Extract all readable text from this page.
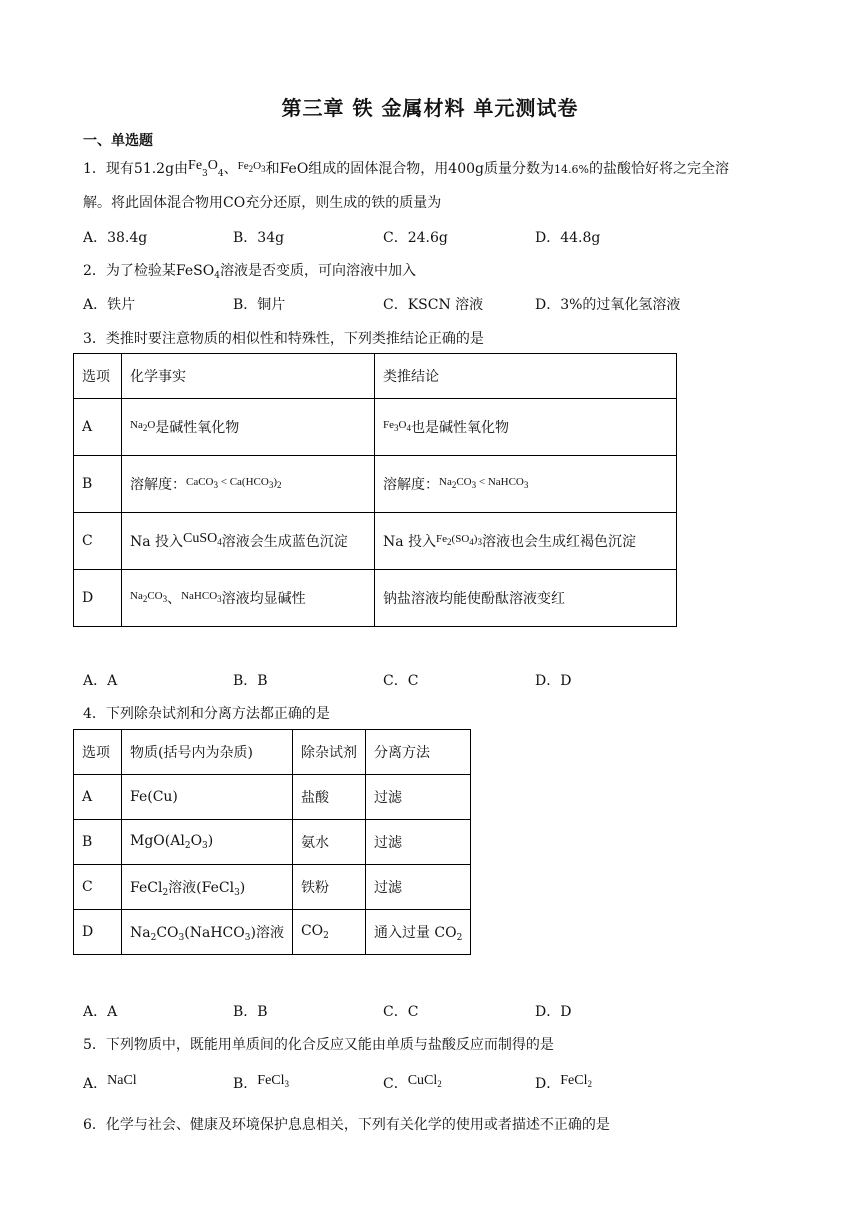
第三章 铁 金属材料 单元测试卷
一、单选题
1．现有51.2g由$Fe_3O_4$、$^{Fe_2O_3}$和FeO组成的固体混合物，用400g质量分数为14.6%的盐酸恰好将之完全溶
解。将此固体混合物用CO充分还原，则生成的铁的质量为
A．38.4g	B．34g	C．24.6g	D．44.8g
2．为了检验某FeSO$_4$溶液是否变质，可向溶液中加入
A．铁片	B．铜片	C．KSCN 溶液	D．3%的过氧化氢溶液
3．类推时要注意物质的相似性和特殊性，下列类推结论正确的是
选项	化学事实	类推结论
A	$^{Na_2O}$是碱性氧化物	$^{Fe_3O_4}$也是碱性氧化物
B	溶解度：$^{CaCO_3 < Ca(HCO_3)_2}$	溶解度：$^{Na_2CO_3 < NaHCO_3}$
C	Na 投入CuSO$_4$溶液会生成蓝色沉淀	Na 投入$^{Fe_2(SO_4)_3}$溶液也会生成红褐色沉淀
D	$^{Na_2CO_3}$、$^{NaHCO_3}$溶液均显碱性	钠盐溶液均能使酚酞溶液变红
A．A	B．B	C．C	D．D
4．下列除杂试剂和分离方法都正确的是
选项	物质(括号内为杂质)	除杂试剂	分离方法
A	Fe(Cu)	盐酸	过滤
B	$MgO(Al_2O_3)$	氨水	过滤
C	FeCl$_2$溶液(FeCl$_3$)	铁粉	过滤
D	$Na_2CO_3(NaHCO_3)$溶液	$CO_2$	通入过量 $CO_2$
A．A	B．B	C．C	D．D
5．下列物质中，既能用单质间的化合反应又能由单质与盐酸反应而制得的是
A．NaCl	B．FeCl$_3$	C．CuCl$_2$	D．FeCl$_2$
6．化学与社会、健康及环境保护息息相关，下列有关化学的使用或者描述不正确的是
